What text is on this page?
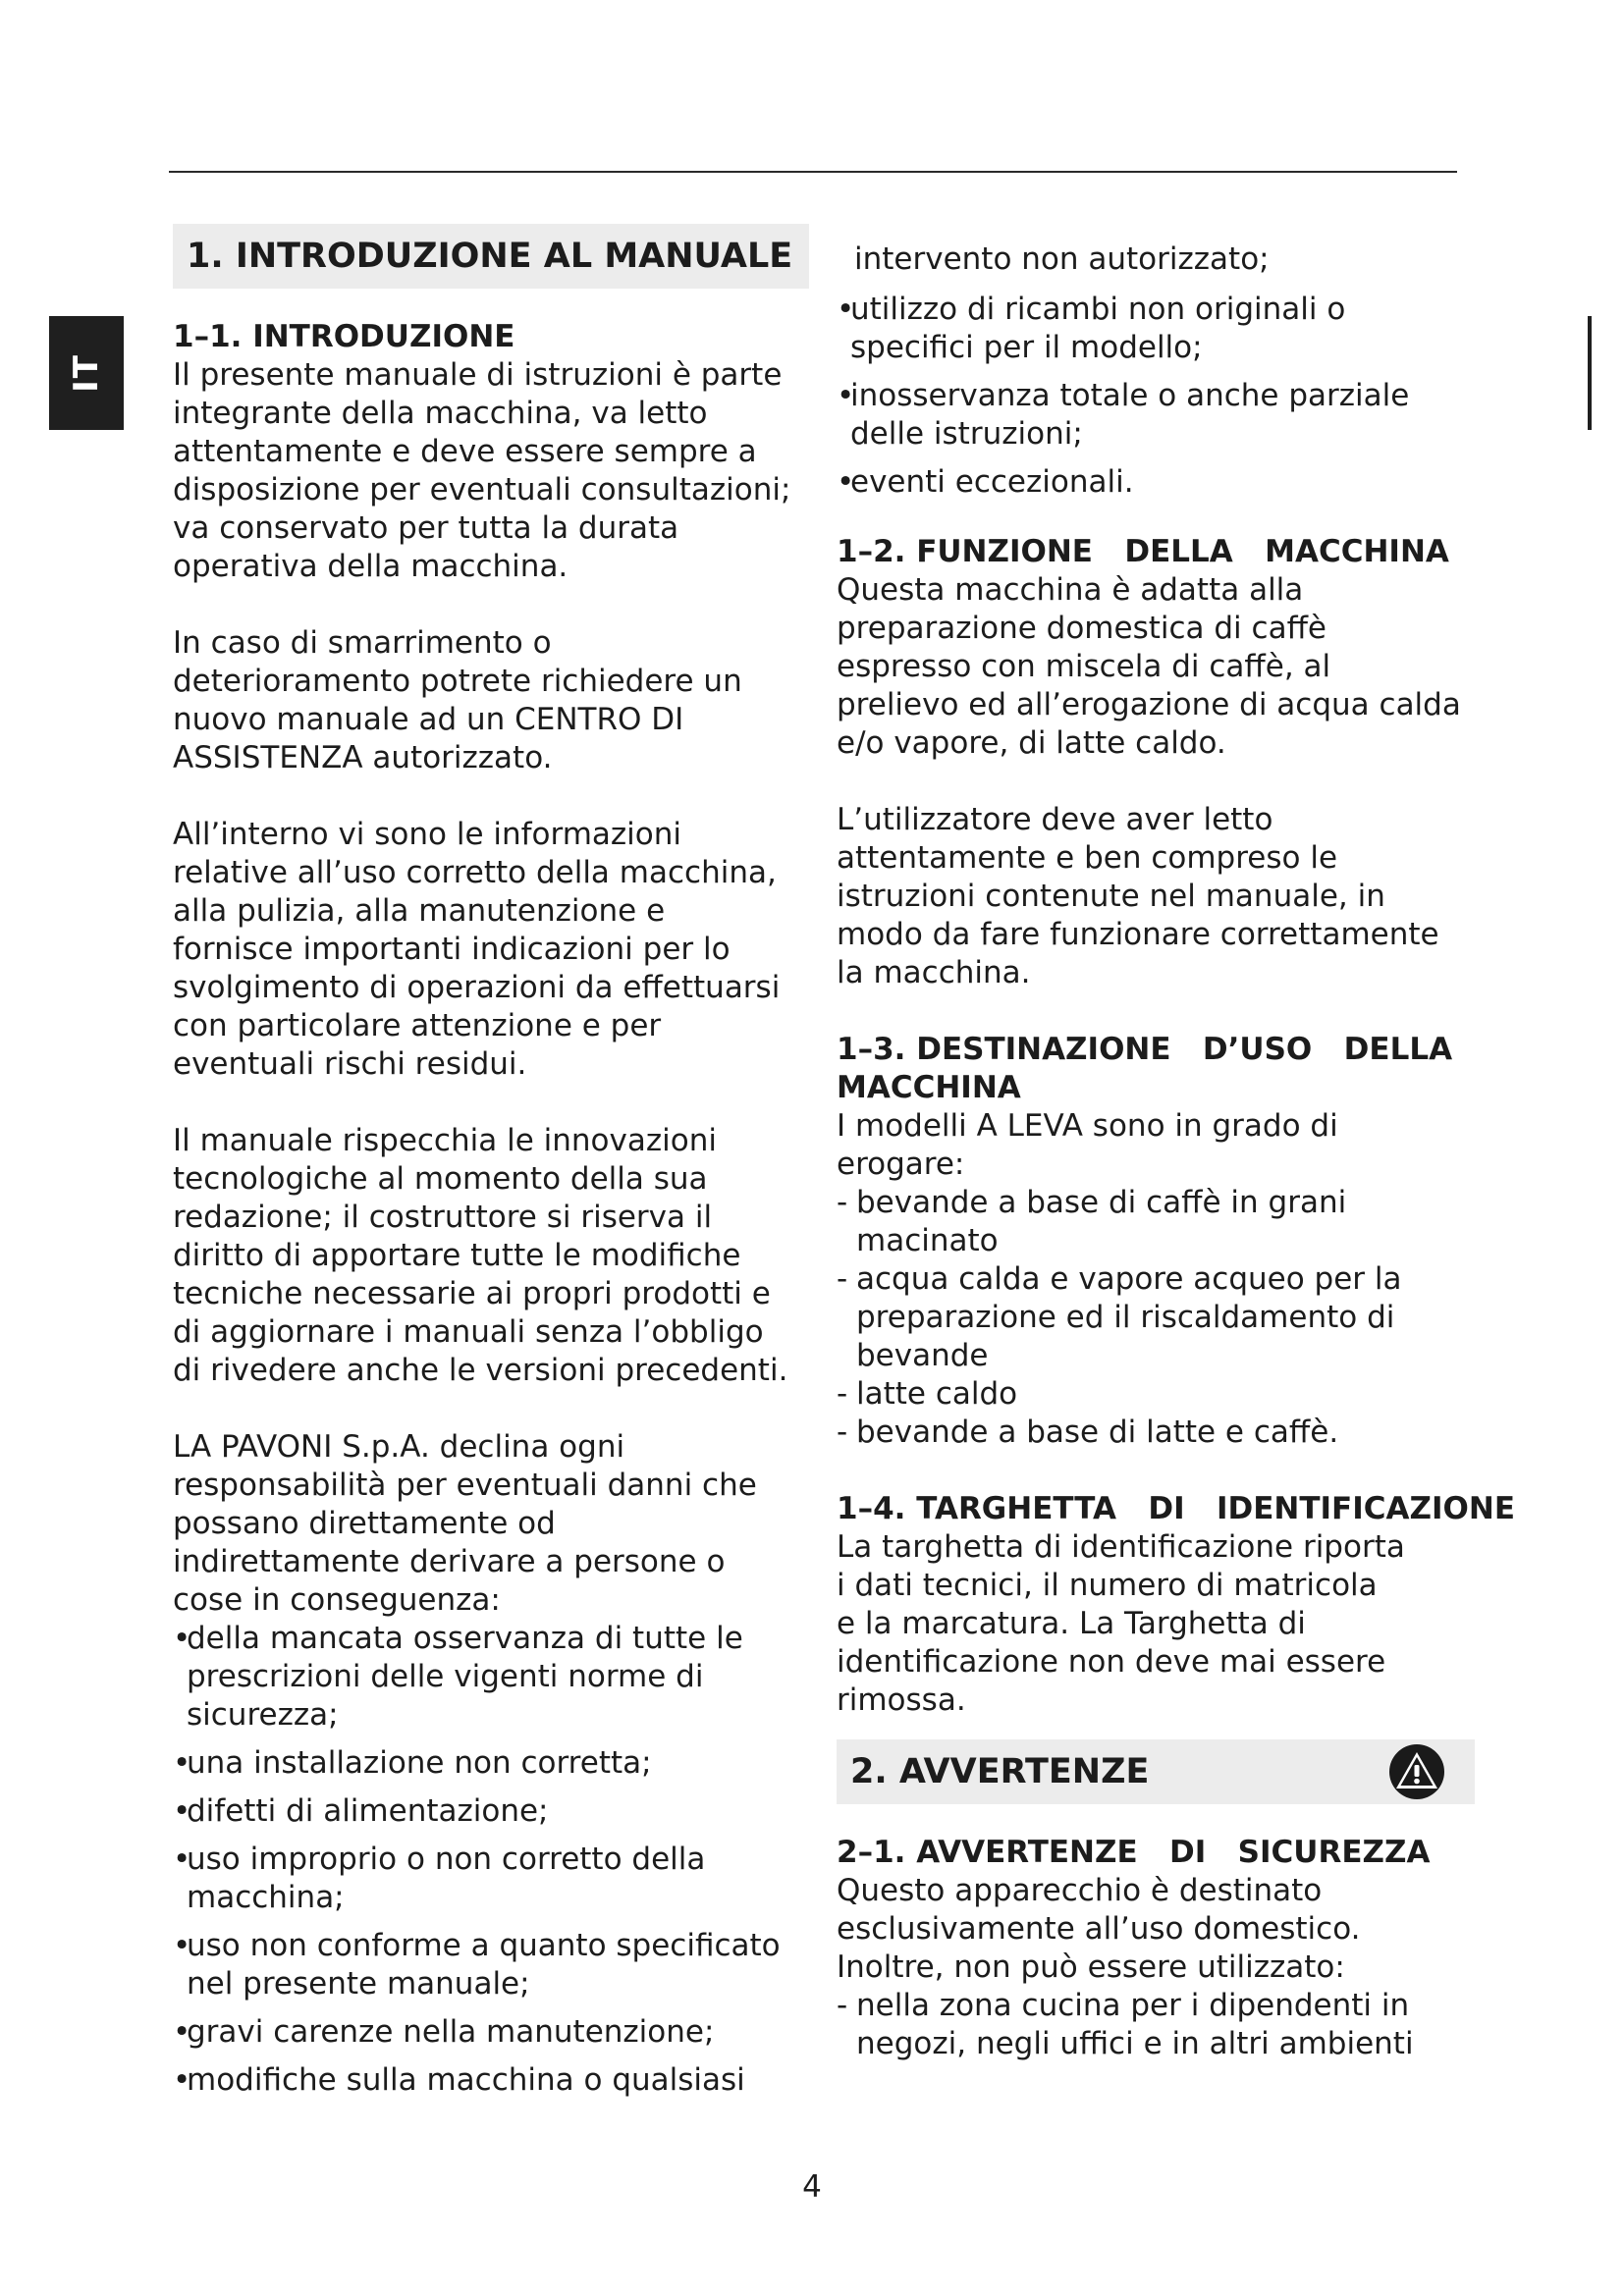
IT
1. INTRODUZIONE AL MANUALE
1–1. INTRODUZIONE

Il presente manuale di istruzioni è parte
integrante della macchina, va letto
attentamente e deve essere sempre a
disposizione per eventuali consultazioni;
va conservato per tutta la durata
operativa della macchina.

In caso di smarrimento o
deterioramento potrete richiedere un
nuovo manuale ad un CENTRO DI
ASSISTENZA autorizzato.

All’interno vi sono le informazioni
relative all’uso corretto della macchina,
alla pulizia, alla manutenzione e
fornisce importanti indicazioni per lo
svolgimento di operazioni da effettuarsi
con particolare attenzione e per
eventuali rischi residui.

Il manuale rispecchia le innovazioni
tecnologiche al momento della sua
redazione; il costruttore si riserva il
diritto di apportare tutte le modifiche
tecniche necessarie ai propri prodotti e
di aggiornare i manuali senza l’obbligo
di rivedere anche le versioni precedenti.

LA PAVONI S.p.A. declina ogni
responsabilità per eventuali danni che
possano direttamente od
indirettamente derivare a persone o
cose in conseguenza:

•
della mancata osservanza di tutte le
prescrizioni delle vigenti norme di
sicurezza;
•
una installazione non corretta;
•
difetti di alimentazione;
•
uso improprio o non corretto della
macchina;
•
uso non conforme a quanto specificato
nel presente manuale;
•
gravi carenze nella manutenzione;
•
modifiche sulla macchina o qualsiasi

intervento non autorizzato;

•
utilizzo di ricambi non originali o
specifici per il modello;
•
inosservanza totale o anche parziale
delle istruzioni;
•
eventi eccezionali.
1–2. FUNZIONE   DELLA   MACCHINA

Questa macchina è adatta alla
preparazione domestica di caffè
espresso con miscela di caffè, al
prelievo ed all’erogazione di acqua calda
e/o vapore, di latte caldo.

L’utilizzatore deve aver letto
attentamente e ben compreso le
istruzioni contenute nel manuale, in
modo da fare funzionare correttamente
la macchina.

1–3. DESTINAZIONE   D’USO   DELLA
MACCHINA

I modelli A LEVA sono in grado di
erogare:

- bevande a base di caffè in grani
macinato
- acqua calda e vapore acqueo per la
preparazione ed il riscaldamento di
bevande
- latte caldo
- bevande a base di latte e caffè.
1–4. TARGHETTA   DI   IDENTIFICAZIONE

La targhetta di identificazione riporta
i dati tecnici, il numero di matricola
e la marcatura. La Targhetta di
identificazione non deve mai essere
rimossa.

2. AVVERTENZE
2–1. AVVERTENZE   DI   SICUREZZA

Questo apparecchio è destinato
esclusivamente all’uso domestico.
Inoltre, non può essere utilizzato:

- nella zona cucina per i dipendenti in
negozi, negli uffici e in altri ambienti
4
